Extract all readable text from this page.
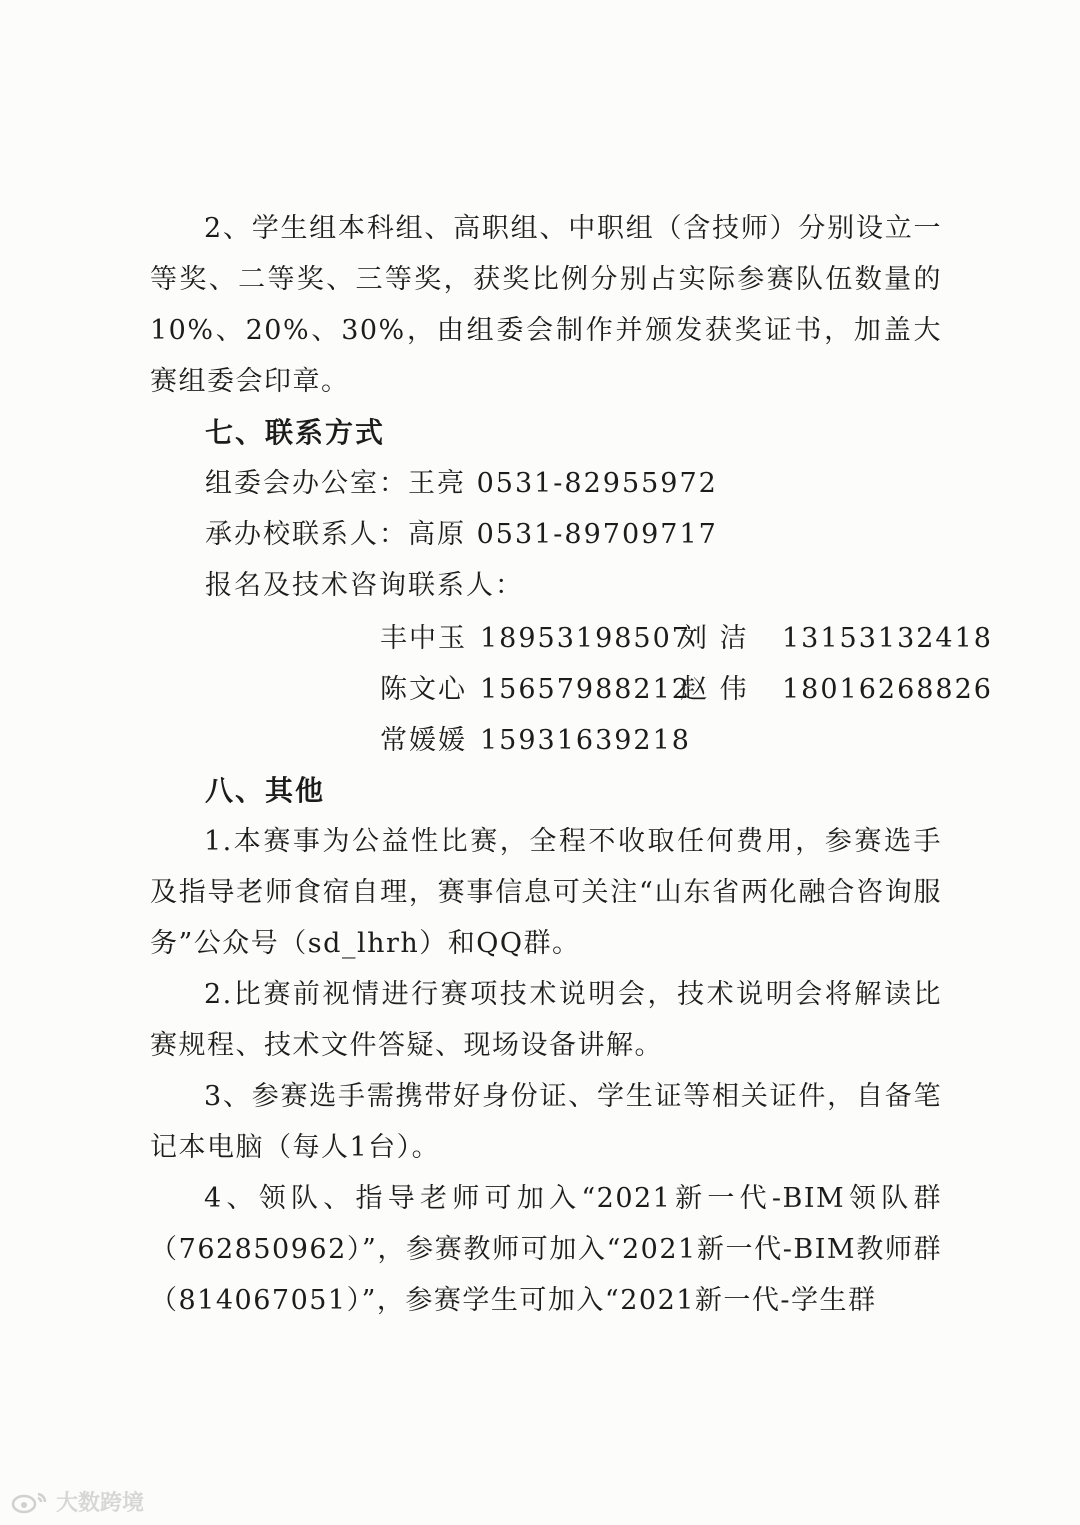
2、学生组本科组、高职组、中职组（含技师）分别设立一等奖、二等奖、三等奖，获奖比例分别占实际参赛队伍数量的10%、20%、30%，由组委会制作并颁发获奖证书，加盖大赛组委会印章。

七、联系方式

组委会办公室：王亮 0531-82955972

承办校联系人：高原 0531-89709717

报名及技术咨询联系人：

丰中玉 18953198507

刘 洁 13153132418

陈文心 15657988212

赵 伟 18016268826

常媛媛 15931639218

八、其他

1.本赛事为公益性比赛，全程不收取任何费用，参赛选手及指导老师食宿自理，赛事信息可关注“山东省两化融合咨询服务”公众号（sd_lhrh）和QQ群。

2.比赛前视情进行赛项技术说明会，技术说明会将解读比赛规程、技术文件答疑、现场设备讲解。

3、参赛选手需携带好身份证、学生证等相关证件，自备笔记本电脑（每人1台）。

4、领队、指导老师可加入“2021新一代-BIM领队群（762850962）”，参赛教师可加入“2021新一代-BIM教师群（814067051）”，参赛学生可加入“2021新一代-学生群

大数跨境
